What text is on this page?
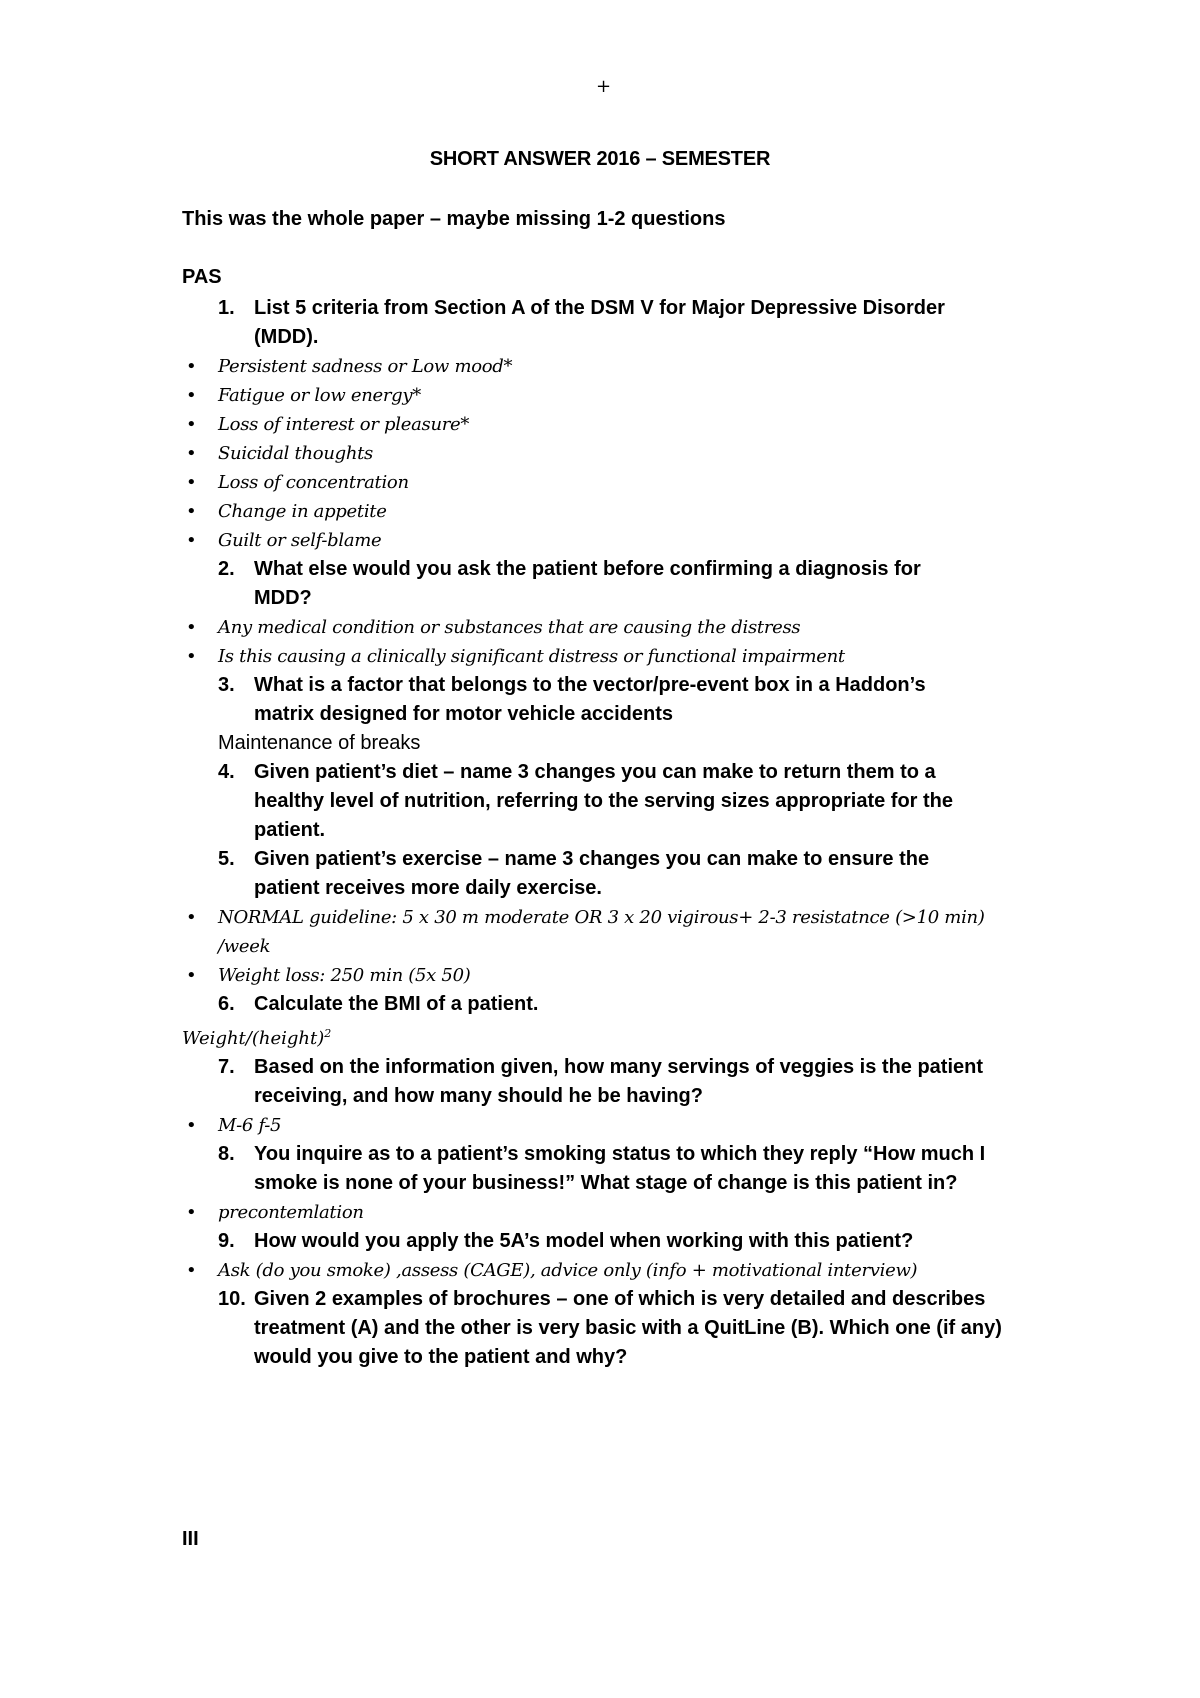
+
SHORT ANSWER 2016 – SEMESTER
This was the whole paper – maybe missing 1-2 questions
PAS
1. List 5 criteria from Section A of the DSM V for Major Depressive Disorder (MDD).
• Persistent sadness or Low mood*
• Fatigue or low energy*
• Loss of interest or pleasure*
• Suicidal thoughts
• Loss of concentration
• Change in appetite
• Guilt or self-blame
2. What else would you ask the patient before confirming a diagnosis for MDD?
• Any medical condition or substances that are causing the distress
• Is this causing a clinically significant distress or functional impairment
3. What is a factor that belongs to the vector/pre-event box in a Haddon’s matrix designed for motor vehicle accidents
Maintenance of breaks
4. Given patient’s diet – name 3 changes you can make to return them to a healthy level of nutrition, referring to the serving sizes appropriate for the patient.
5. Given patient’s exercise – name 3 changes you can make to ensure the patient receives more daily exercise.
• NORMAL guideline: 5 x 30 m moderate OR 3 x 20 vigirous+ 2-3 resistatnce (>10 min) /week
• Weight loss: 250 min (5x 50)
6. Calculate the BMI of a patient.
Weight/(height)$^2$
7. Based on the information given, how many servings of veggies is the patient receiving, and how many should he be having?
• M-6 f-5
8. You inquire as to a patient’s smoking status to which they reply “How much I smoke is none of your business!” What stage of change is this patient in?
• precontemlation
9. How would you apply the 5A’s model when working with this patient?
• Ask (do you smoke) ,assess (CAGE), advice only (info + motivational interview)
10. Given 2 examples of brochures – one of which is very detailed and describes treatment (A) and the other is very basic with a QuitLine (B). Which one (if any) would you give to the patient and why?
III
